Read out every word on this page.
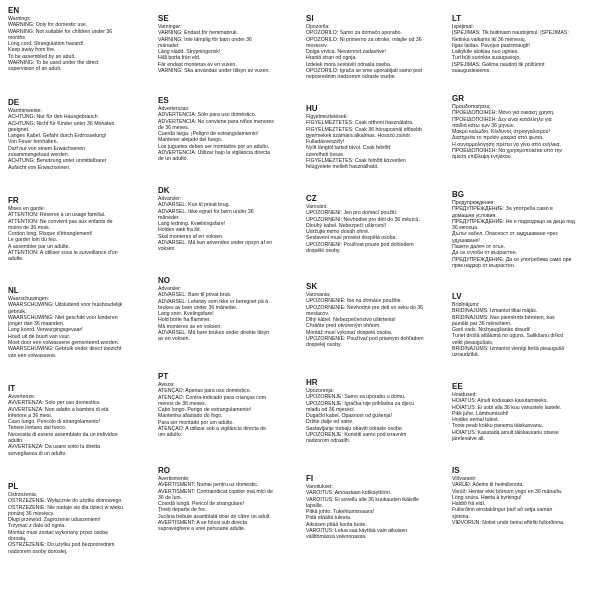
EN

Warnings:

WARNING: Only for domestic use.

WARNING: Not suitable for children under 36

months.

Long cord. Strangulation hazard!

Keep away from fire.

To be assembled by an adult.

WARNING: To be used under the direct

supervision of an adult.

DE

Warnhinweise:

ACHTUNG: Nur für den Hausgebrauch

ACHTUNG: Nicht für Kinder unter 36 Monaten

geeignet.

Langes Kabel. Gefahr durch Erdrosselung!

Von Feuer fernhalten.

Darf nur von einem Erwachsenen

zusammengebaut werden.

ACHTUNG: Benutzung unter unmittelbarer

Aufsicht von Erwachsenen.

FR

Mises en garde:

ATTENTION: Réservé à un usage familial.

ATTENTION: Ne convient pas aux enfants de

moins de 36 mois.

Cordon long. Risque d'étranglement!

Le garder loin du feu.

À assembler par un adulte.

ATTENTION: À utiliser sous la surveillance d'un

adulte.

NL

Waarschuwingen:

WAARSCHUWING: Uitsluitend voor huishoudelijk

gebruik.

WAARSCHUWING: Niet geschikt voor kinderen

jonger dan 36 maanden.

Lang koord. Verwurgingsgevaar!

Houd uit de buurt van vuur.

Moet door een volwassene gemonteerd worden.

WAARSCHUWING: Gebruik onder direct toezicht

van een volwassene.

IT

Avvertenze:

AVVERTENZA: Solo per uso domestico.

AVVERTENZA: Non adatto a bambini di età

inferiore a 36 mesi.

Cavo lungo. Pericolo di strangolamento!

Tenere lontano dal fuoco.

Necessita di essere assemblato da un individuo

adulto.

AVVERTENZA: Da usare sotto la diretta

sorveglianza di un adulto.

PL

Ostrzeżenia:

OSTRZEŻENIE: Wyłącznie do użytku domowego.

OSTRZEŻENIE: Nie nadaje się dla dzieci w wieku

poniżej 36 miesięcy.

Długi przewód. Zagrożenie uduszeniem!

Trzymać z dala od ognia.

Montaż musi zostać wykonany przez osobę

dorosłą.

OSTRZEŻENIE: Do użytku pod bezpośrednim

nadzorem osoby dorosłej.

SE

Varningar:

VARNING: Endast för hemmabruk.

VARNING: Inte lämplig för barn under 36

månader.

Lång sladd. Strypningsrisk!

Håll borta från eld.

Får endast monteras av en vuxen.

VARNING: Ska användas under tillsyn av vuxen.

ES

Advertencias:

ADVERTENCIA: Sólo para uso doméstico.

ADVERTENCIA: No conviene para niños menores

de 36 meses.

Cuerda larga. ¡Peligro de estrangulamiento!

Mantener alejado del fuego.

Los juguetes deben ser montados por un adulto.

ADVERTENCIA: Utilizar bajo la vigilancia directa

de un adulto.

DK

Advarsler:

ADVARSEL: Kun til privat brug.

ADVARSEL: Ikke egnet for børn under 36

måneder.

Lang ledning. Kvælningsfare!

Holdes væk fra ild.

Skal monteres af en voksen.

ADVARSEL: Må kun anvendes under opsyn af en

voksen.

NO

Advarsler:

ADVARSEL: Bare til privat bruk.

ADVARSEL: Leketøy som ikke er beregnet på å

brukes av barn under 36 måneder.

Lang snor. Kvelingsfare!

Hold borte fra flammer.

Må monteres av en voksen.

ADVARSEL: Må bare brukes under direkte tilsyn

av en voksen.

PT

Avisos:

ATENÇÃO: Apenas para uso doméstico.

ATENÇÃO: Contra-indicado para crianças com

menos de 36 meses.

Cabo longo. Perigo de estrangulamento!

Mantenha afastado do fogo.

Para ser montado por um adulto.

ATENÇÃO: A utilizar sob a vigilância directa de

um adulto.

RO

Avertismente:

AVERTISMENT: Numai pentru uz domestic.

AVERTISMENT: Contraindicat copiilor mai mici de

36 de luni.

Coardă lungă. Pericol de strangulare!

Țineți departe de foc.

Jucăria trebuie asamblată doar de către un adult.

AVERTISMENT: A se folosi sub directa

supraveghere a unei persoane adulte.

SI

Opozorila:

OPOZORILO: Samo za domačo uporabo.

OPOZORILO: Ni primerno za otroke, mlajše od 36

mesecev.

Dolga vrvica. Nevarnost zadavitve!

Hraniti stran od ognja.

Izdelek mora sestaviti odrasla oseba.

OPOZORILO: Igrača se sme uporabljati samo pod

neposrednim nadzorom odrasle osebe.

HU

Figyelmeztetések:

FIGYELMEZTETÉS: Csak otthoni használatra.

FIGYELMEZTETÉS: Csak 36 hónaposnál idősebb

gyermekek számára alkalmas. Hosszú zsinór.

Fulladásveszély!

Nyílt lángtól tartsd távol. Csak felnőtt

szerelheti össze.

FIGYELMEZTETÉS: Csak felnőtt közvetlen

felügyelete mellett használható.

CZ

Varování:

UPOZORNĚNÍ: Jen pro domácí použití.

UPOZORNĚNÍ: Nevhodné pro děti do 36 měsíců.

Dlouhý kabel. Nebezpečí uškrcení!

Udržujte mimo dosah ohně.

Sestavení musí provést dospělá osoba.

UPOZORNĚNÍ: Používat pouze pod dohledem

dospělé osoby.

SK

Varovania:

UPOZORNENIE: Iba na domáce použitie.

UPOZORNENIE: Nevhodné pre deti vo veku do 36

mesiacov.

Dlhý kábel. Nebezpečenstvo uškrtenia!

Chráňte pred otvoreným ohňom.

Montáž musí vykonať dospelá osoba.

UPOZORNENIE: Používať pod priamym dohľadom

dospelej osoby.

HR

Upozorenja:

UPOZORENJE: Samo za uporabu u domu.

UPOZORENJE: Igračka nije prikladna za djecu

mlađu od 36 mjeseci.

Dugački kabel. Opasnost od gušenja!

Držite dalje od vatre.

Sastavljanje trebaju obaviti odrasle osobe.

UPOZORENJE: Koristiti samo pod izravnim

nadzorom odraslih.

FI

Varoitukset:

VAROITUS: Ainoastaan kotikäyttöön.

VAROITUS: Ei sovellu alle 36 kuukauden ikäisille

lapsille.

Pitkä johto. Tukehtumisvaara!

Pidä etäällä tulesta.

Aikuisen pitää koota tuote.

VAROITUS: Lelua saa käyttää vain aikuisen

välittömässä valvonnassa.

LT

Įspėjimai:

ĮSPĖJIMAS: Tik buitiniam naudojimui. ĮSPĖJIMAS:

Netinka vaikams iki 36 mėnesių.

Ilgas laidas. Pavojus pasismaugti!

Laikykite atokiau nuo ugnies.

Turi būti surinkta suaugusiojo.

ĮSPĖJIMAS: Galima naudoti tik prižiūrint

suaugusiesiems.

GR

Προειδοποιήσεις:

ΠΡΟΕΙΔΟΠΟΙΗΣΗ: Μόνο για οικιακή χρήση.

ΠΡΟΕΙΔΟΠΟΙΗΣΗ: Δεν είναι κατάλληλο για

παιδιά κάτω των 36 μηνών.

Μακρύ καλώδιο. Κίνδυνος στραγγαλισμού!

Διατηρείτε το προϊόν μακριά από φωτιά.

Η συναρμολόγηση πρέπει να γίνει από ενήλικα.

ΠΡΟΕΙΔΟΠΟΙΗΣΗ: Να χρησιμοποιείται υπό την

άμεση επίβλεψη ενηλίκου.

BG

Предупреждения:

ПРЕДУПРЕЖДЕНИЕ: За употреба само в

домашни условия.

ПРЕДУПРЕЖДЕНИЕ: Не е подходящо за деца под

36 месеца.

Дълъг кабел. Опасност от задушаване чрез

удушаване!

Пазете далеч от огън.

Да се сглоби от възрастен.

ПРЕДУПРЕЖДЕНИЕ: Да се употребява само при

пряк надзор от възрастен.

LV

Brīdinājumi:

BRĪDINĀJUMS: Izmantot tikai mājās.

BRĪDINĀJUMS: Nav piemērots bērniem, kas

jaunāki par 36 mēnešiem.

Garš vads. Nožņaugšanās draudi!

Turiet drošā attālumā no uguns. Salikšanu drīkst

veikt pieaugušais.

BRĪDINĀJUMS: Izmantot vienīgi tiešā pieaugušā

uzraudzībā.

EE

Hoiatused:

HOIATUS: Ainult kodusaks kasutamiseks.

HOIATUS: Ei sobi alla 36 kuu vanustele lastele.

Pikk juhe. Lämbumisoht!

Hoidke eemal tulest.

Toote peab kokku panema täiskasvanu.

HOIATUS: Kasutada ainult täiskasvanu otsese

järelevalve all.

IS

Viðvaranir:

VARÚÐ: Aðeins til heimilisnota.

Varúð: Hentar ekki börnum yngri en 36 mánaða.

Löng snúra. Hætta á kyrkingu!

Haldið frá eldi.

Fullorðinn einstaklingur þarf að setja saman

sjónina.

VIÐVÖRUN: Notist undir beinu eftirliti fullorðinna.
